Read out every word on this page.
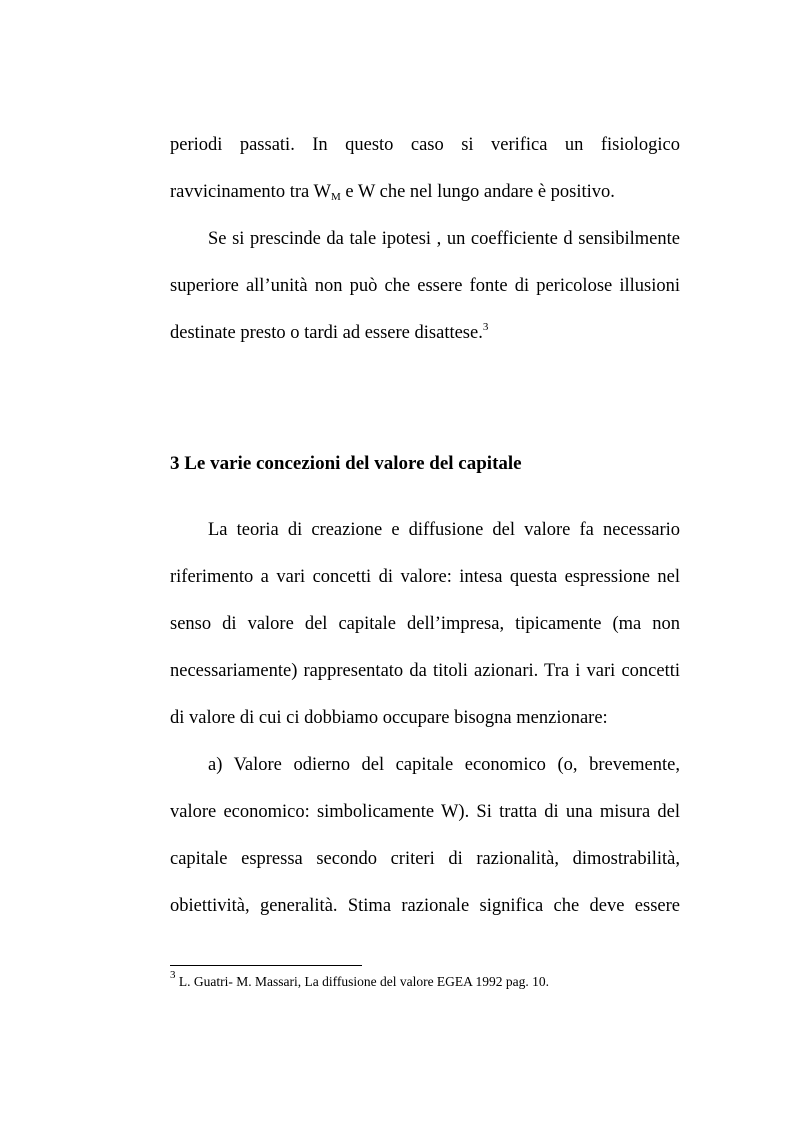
periodi passati. In questo caso si verifica un fisiologico
ravvicinamento tra $W_M$ e W che nel lungo andare è positivo.
Se si prescinde da tale ipotesi , un coefficiente d sensibilmente
superiore all’unità non può che essere fonte di pericolose illusioni
destinate presto o tardi ad essere disattese.$^3$
3 Le varie concezioni del valore del capitale
La teoria di creazione e diffusione del valore fa necessario
riferimento a vari concetti di valore: intesa questa espressione nel
senso di valore del capitale dell’impresa, tipicamente (ma non
necessariamente) rappresentato da titoli azionari. Tra i vari concetti
di valore di cui ci dobbiamo occupare bisogna menzionare:
a) Valore odierno del capitale economico (o, brevemente,
valore economico: simbolicamente W). Si tratta di una misura del
capitale espressa secondo criteri di razionalità, dimostrabilità,
obiettività, generalità. Stima razionale significa che deve essere
$^3$ L. Guatri- M. Massari, La diffusione del valore EGEA 1992 pag. 10.
